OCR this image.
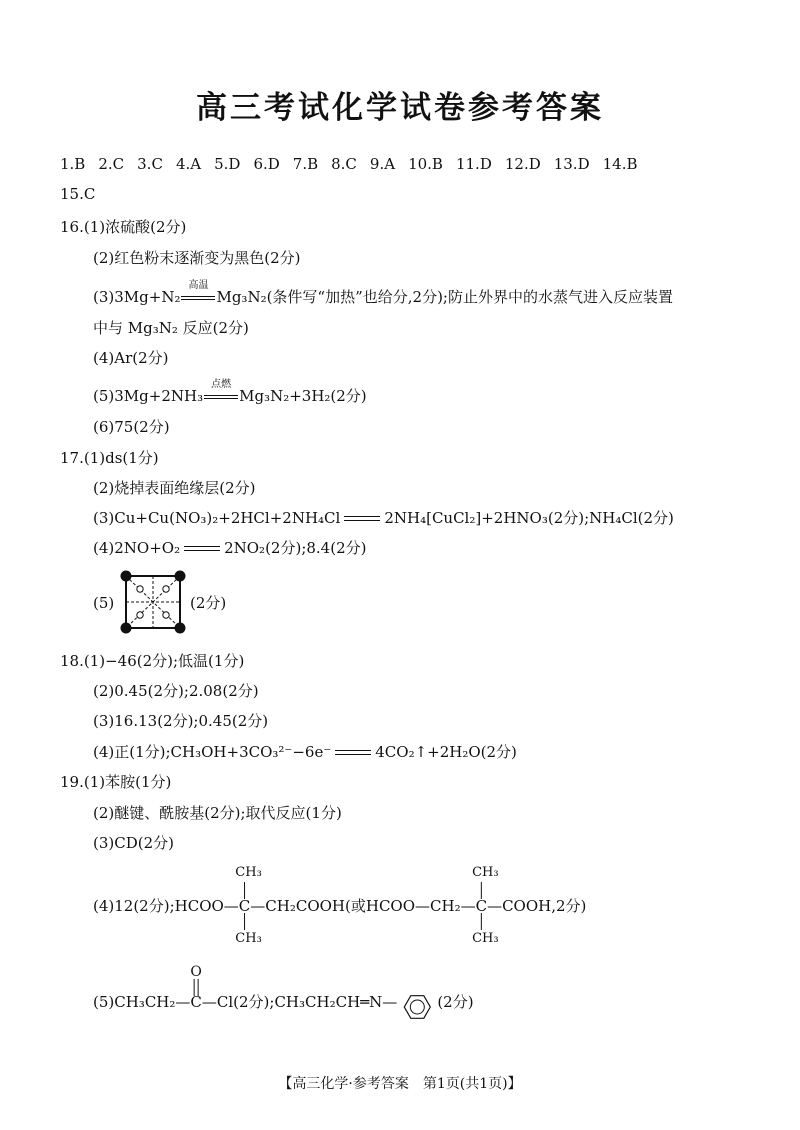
高三考试化学试卷参考答案
1.B 2.C 3.C 4.A 5.D 6.D 7.B 8.C 9.A 10.B 11.D 12.D 13.D 14.B
15.C
16.(1)浓硫酸(2分)
(2)红色粉末逐渐变为黑色(2分)
(3)3Mg+N₂
高温
Mg₃N₂(条件写“加热”也给分,2分);防止外界中的水蒸气进入反应装置
中与 Mg₃N₂ 反应(2分)
(4)Ar(2分)
(5)3Mg+2NH₃
点燃
Mg₃N₂+3H₂(2分)
(6)75(2分)
17.(1)ds(1分)
(2)烧掉表面绝缘层(2分)
(3)Cu+Cu(NO₃)₂+2HCl+2NH₄Cl	2NH₄[CuCl₂]+2HNO₃(2分);NH₄Cl(2分)
(4)2NO+O₂	2NO₂(2分);8.4(2分)
(5)	(2分)
18.(1)−46(2分);低温(1分)
(2)0.45(2分);2.08(2分)
(3)16.13(2分);0.45(2分)
(4)正(1分);CH₃OH+3CO₃²⁻−6e⁻	4CO₂↑+2H₂O(2分)
19.(1)苯胺(1分)
(2)醚键、酰胺基(2分);取代反应(1分)
(3)CD(2分)
(4)12(2分);HCOO—C—CH₂COOH(或HCOO—CH₂—C—COOH,2分)
CH₃
CH₃
CH₃
CH₃
(5)CH₃CH₂—C—Cl(2分);CH₃CH₂CH═N—	(2分)
O
【高三化学·参考答案　第1页(共1页)】
